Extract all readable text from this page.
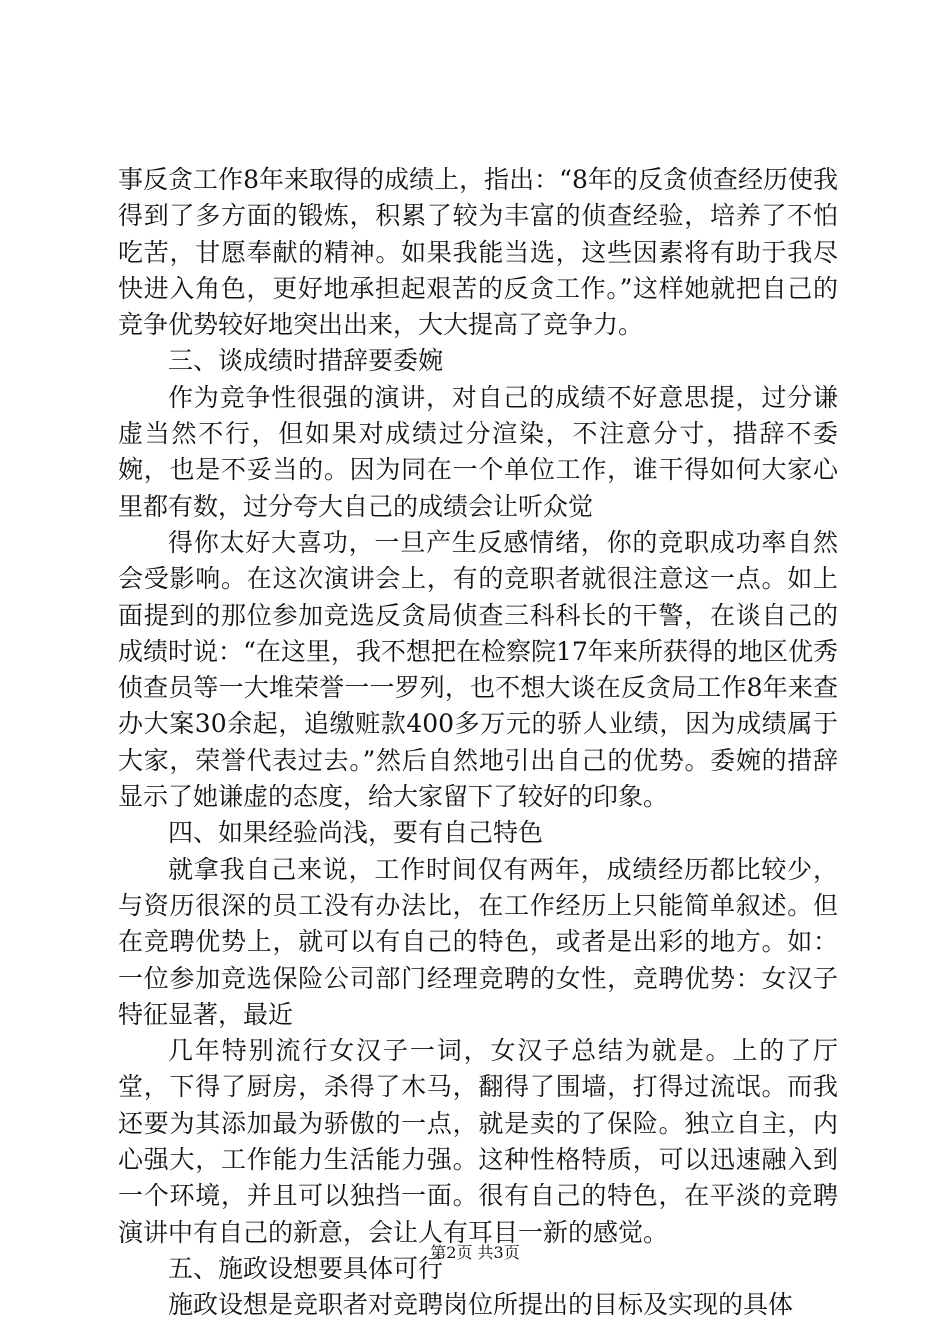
事反贪工作8年来取得的成绩上，指出：“8年的反贪侦查经历使我得到了多方面的锻炼，积累了较为丰富的侦查经验，培养了不怕吃苦，甘愿奉献的精神。如果我能当选，这些因素将有助于我尽快进入角色，更好地承担起艰苦的反贪工作。”这样她就把自己的竞争优势较好地突出出来，大大提高了竞争力。

三、谈成绩时措辞要委婉

作为竞争性很强的演讲，对自己的成绩不好意思提，过分谦虚当然不行，但如果对成绩过分渲染，不注意分寸，措辞不委婉，也是不妥当的。因为同在一个单位工作，谁干得如何大家心里都有数，过分夸大自己的成绩会让听众觉

得你太好大喜功，一旦产生反感情绪，你的竞职成功率自然会受影响。在这次演讲会上，有的竞职者就很注意这一点。如上面提到的那位参加竞选反贪局侦查三科科长的干警，在谈自己的成绩时说：“在这里，我不想把在检察院17年来所获得的地区优秀侦查员等一大堆荣誉一一罗列，也不想大谈在反贪局工作8年来查办大案30余起，追缴赃款400多万元的骄人业绩，因为成绩属于大家，荣誉代表过去。”然后自然地引出自己的优势。委婉的措辞显示了她谦虚的态度，给大家留下了较好的印象。

四、如果经验尚浅，要有自己特色

就拿我自己来说，工作时间仅有两年，成绩经历都比较少，与资历很深的员工没有办法比，在工作经历上只能简单叙述。但在竞聘优势上，就可以有自己的特色，或者是出彩的地方。如：一位参加竞选保险公司部门经理竞聘的女性，竞聘优势：女汉子特征显著，最近

几年特别流行女汉子一词，女汉子总结为就是。上的了厅堂，下得了厨房，杀得了木马，翻得了围墙，打得过流氓。而我还要为其添加最为骄傲的一点，就是卖的了保险。独立自主，内心强大，工作能力生活能力强。这种性格特质，可以迅速融入到一个环境，并且可以独挡一面。很有自己的特色，在平淡的竞聘演讲中有自己的新意，会让人有耳目一新的感觉。

五、施政设想要具体可行

施政设想是竞职者对竞聘岗位所提出的目标及实现的具体

第2页 共3页
